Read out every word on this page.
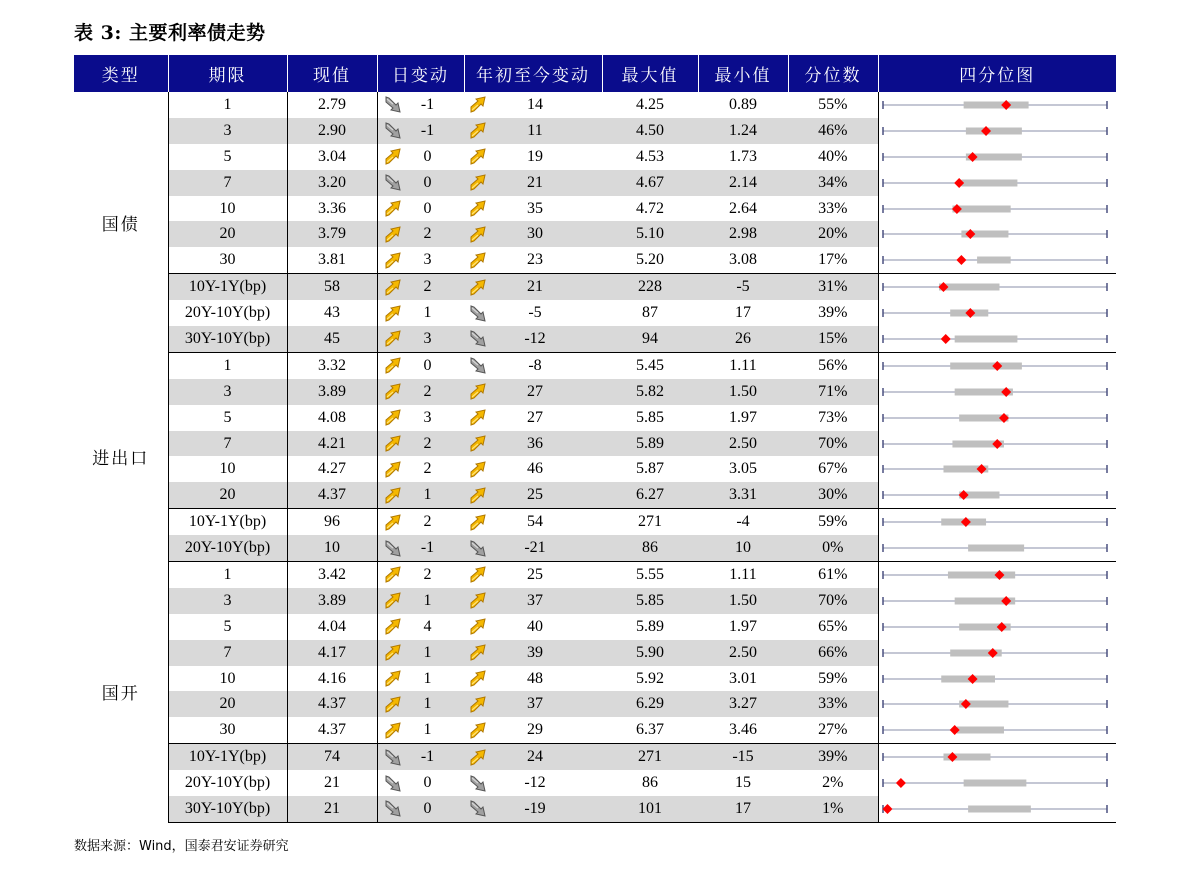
表 3: 主要利率债走势
类型	期限	现值	日变动	年初至今变动	最大值	最小值	分位数	四分位图
国债	1	2.79	-1	14	4.25	0.89	55%	

	3	2.90	-1	11	4.50	1.24	46%	

	5	3.04	0	19	4.53	1.73	40%	

	7	3.20	0	21	4.67	2.14	34%	

	10	3.36	0	35	4.72	2.64	33%	

	20	3.79	2	30	5.10	2.98	20%	

	30	3.81	3	23	5.20	3.08	17%	

	10Y-1Y(bp)	58	2	21	228	-5	31%	

	20Y-10Y(bp)	43	1	-5	87	17	39%	

	30Y-10Y(bp)	45	3	-12	94	26	15%	

进出口	1	3.32	0	-8	5.45	1.11	56%	

	3	3.89	2	27	5.82	1.50	71%	

	5	4.08	3	27	5.85	1.97	73%	

	7	4.21	2	36	5.89	2.50	70%	

	10	4.27	2	46	5.87	3.05	67%	

	20	4.37	1	25	6.27	3.31	30%	

	10Y-1Y(bp)	96	2	54	271	-4	59%	

	20Y-10Y(bp)	10	-1	-21	86	10	0%	

国开	1	3.42	2	25	5.55	1.11	61%	

	3	3.89	1	37	5.85	1.50	70%	

	5	4.04	4	40	5.89	1.97	65%	

	7	4.17	1	39	5.90	2.50	66%	

	10	4.16	1	48	5.92	3.01	59%	

	20	4.37	1	37	6.29	3.27	33%	

	30	4.37	1	29	6.37	3.46	27%	

	10Y-1Y(bp)	74	-1	24	271	-15	39%	

	20Y-10Y(bp)	21	0	-12	86	15	2%	

	30Y-10Y(bp)	21	0	-19	101	17	1%	
数据来源：Wind，国泰君安证券研究
